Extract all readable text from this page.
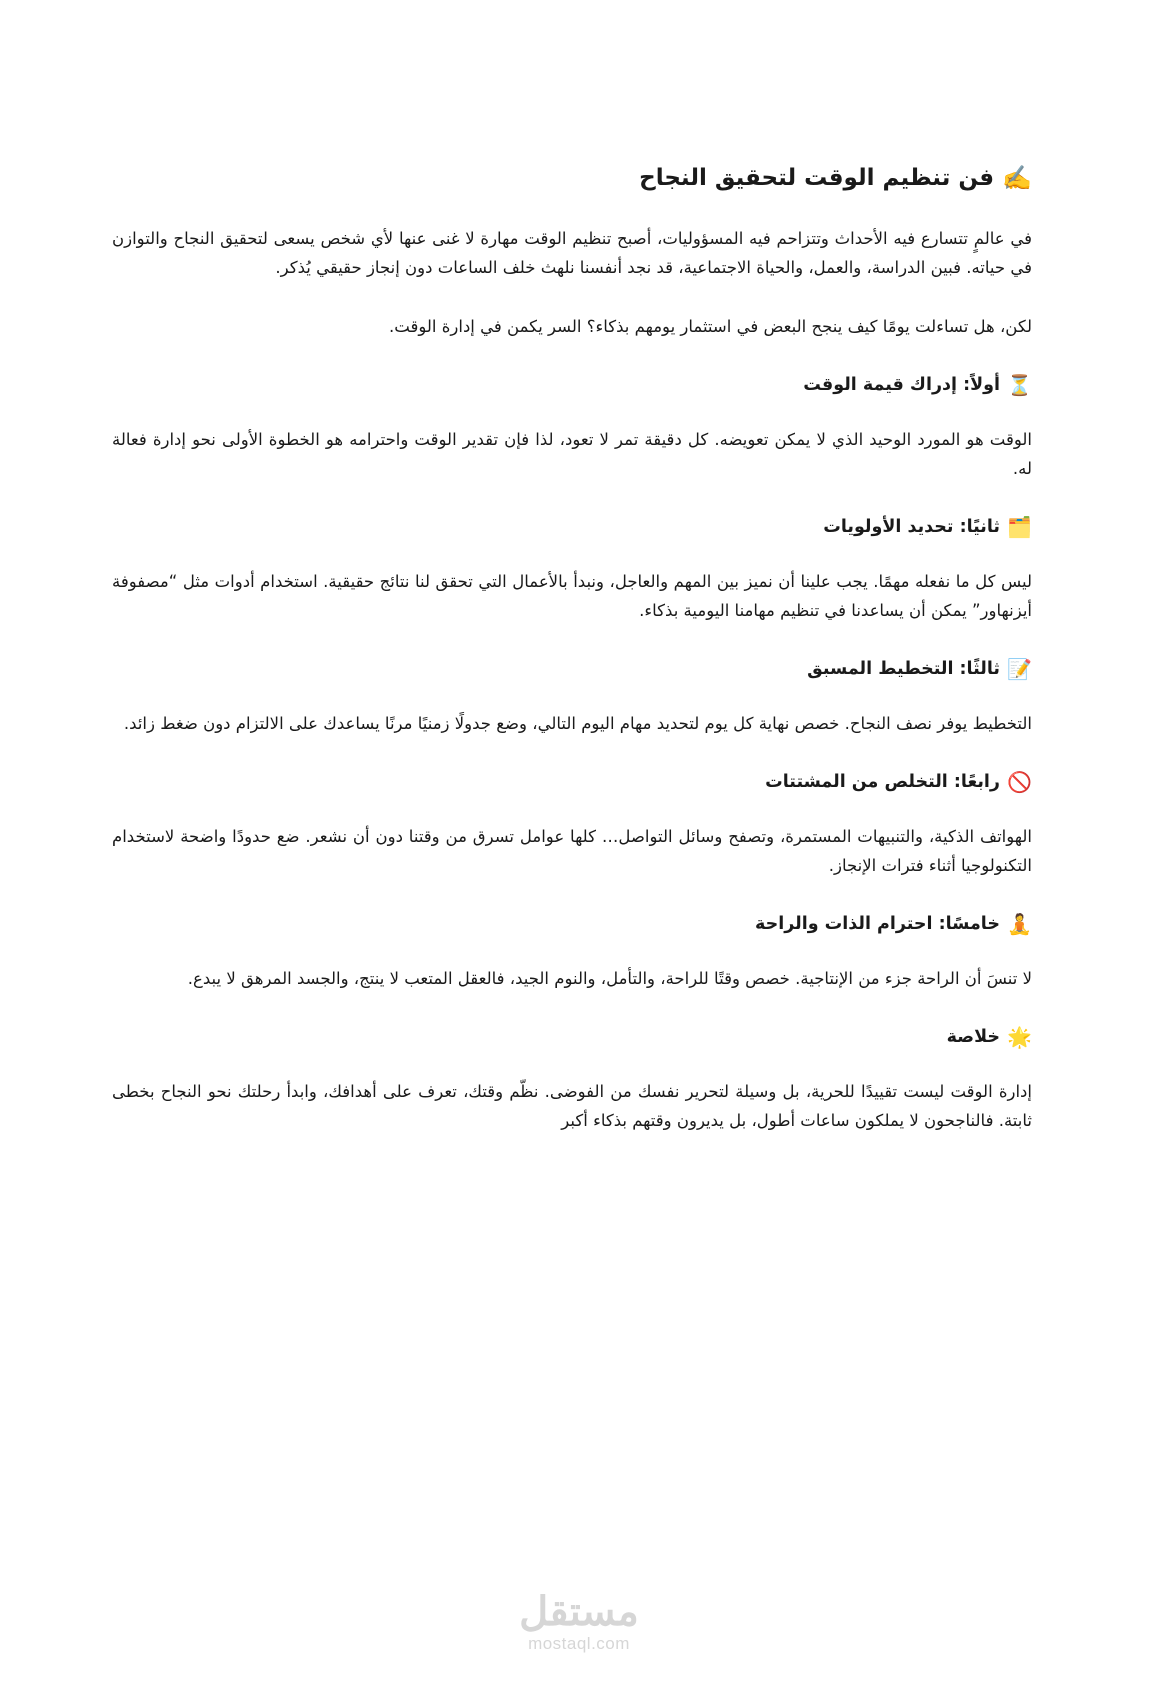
✍️
فن تنظيم الوقت لتحقيق النجاح

في عالمٍ تتسارع فيه الأحداث وتتزاحم فيه المسؤوليات، أصبح تنظيم الوقت مهارة لا غنى عنها لأي شخص يسعى لتحقيق النجاح والتوازن في حياته. فبين الدراسة، والعمل، والحياة الاجتماعية، قد نجد أنفسنا نلهث خلف الساعات دون إنجاز حقيقي يُذكر.

لكن، هل تساءلت يومًا كيف ينجح البعض في استثمار يومهم بذكاء؟ السر يكمن في إدارة الوقت.

⏳
أولاً: إدراك قيمة الوقت

الوقت هو المورد الوحيد الذي لا يمكن تعويضه. كل دقيقة تمر لا تعود، لذا فإن تقدير الوقت واحترامه هو الخطوة الأولى نحو إدارة فعالة له.

🗂️
ثانيًا: تحديد الأولويات

ليس كل ما نفعله مهمًا. يجب علينا أن نميز بين المهم والعاجل، ونبدأ بالأعمال التي تحقق لنا نتائج حقيقية. استخدام أدوات مثل “مصفوفة أيزنهاور” يمكن أن يساعدنا في تنظيم مهامنا اليومية بذكاء.

📝
ثالثًا: التخطيط المسبق

التخطيط يوفر نصف النجاح. خصص نهاية كل يوم لتحديد مهام اليوم التالي، وضع جدولًا زمنيًا مرنًا يساعدك على الالتزام دون ضغط زائد.

🚫
رابعًا: التخلص من المشتتات

الهواتف الذكية، والتنبيهات المستمرة، وتصفح وسائل التواصل… كلها عوامل تسرق من وقتنا دون أن نشعر. ضع حدودًا واضحة لاستخدام التكنولوجيا أثناء فترات الإنجاز.

🧘
خامسًا: احترام الذات والراحة

لا تنسَ أن الراحة جزء من الإنتاجية. خصص وقتًا للراحة، والتأمل، والنوم الجيد، فالعقل المتعب لا ينتج، والجسد المرهق لا يبدع.

🌟
خلاصة

إدارة الوقت ليست تقييدًا للحرية، بل وسيلة لتحرير نفسك من الفوضى. نظّم وقتك، تعرف على أهدافك، وابدأ رحلتك نحو النجاح بخطى ثابتة. فالناجحون لا يملكون ساعات أطول، بل يديرون وقتهم بذكاء أكبر

مستقل
mostaql.com
